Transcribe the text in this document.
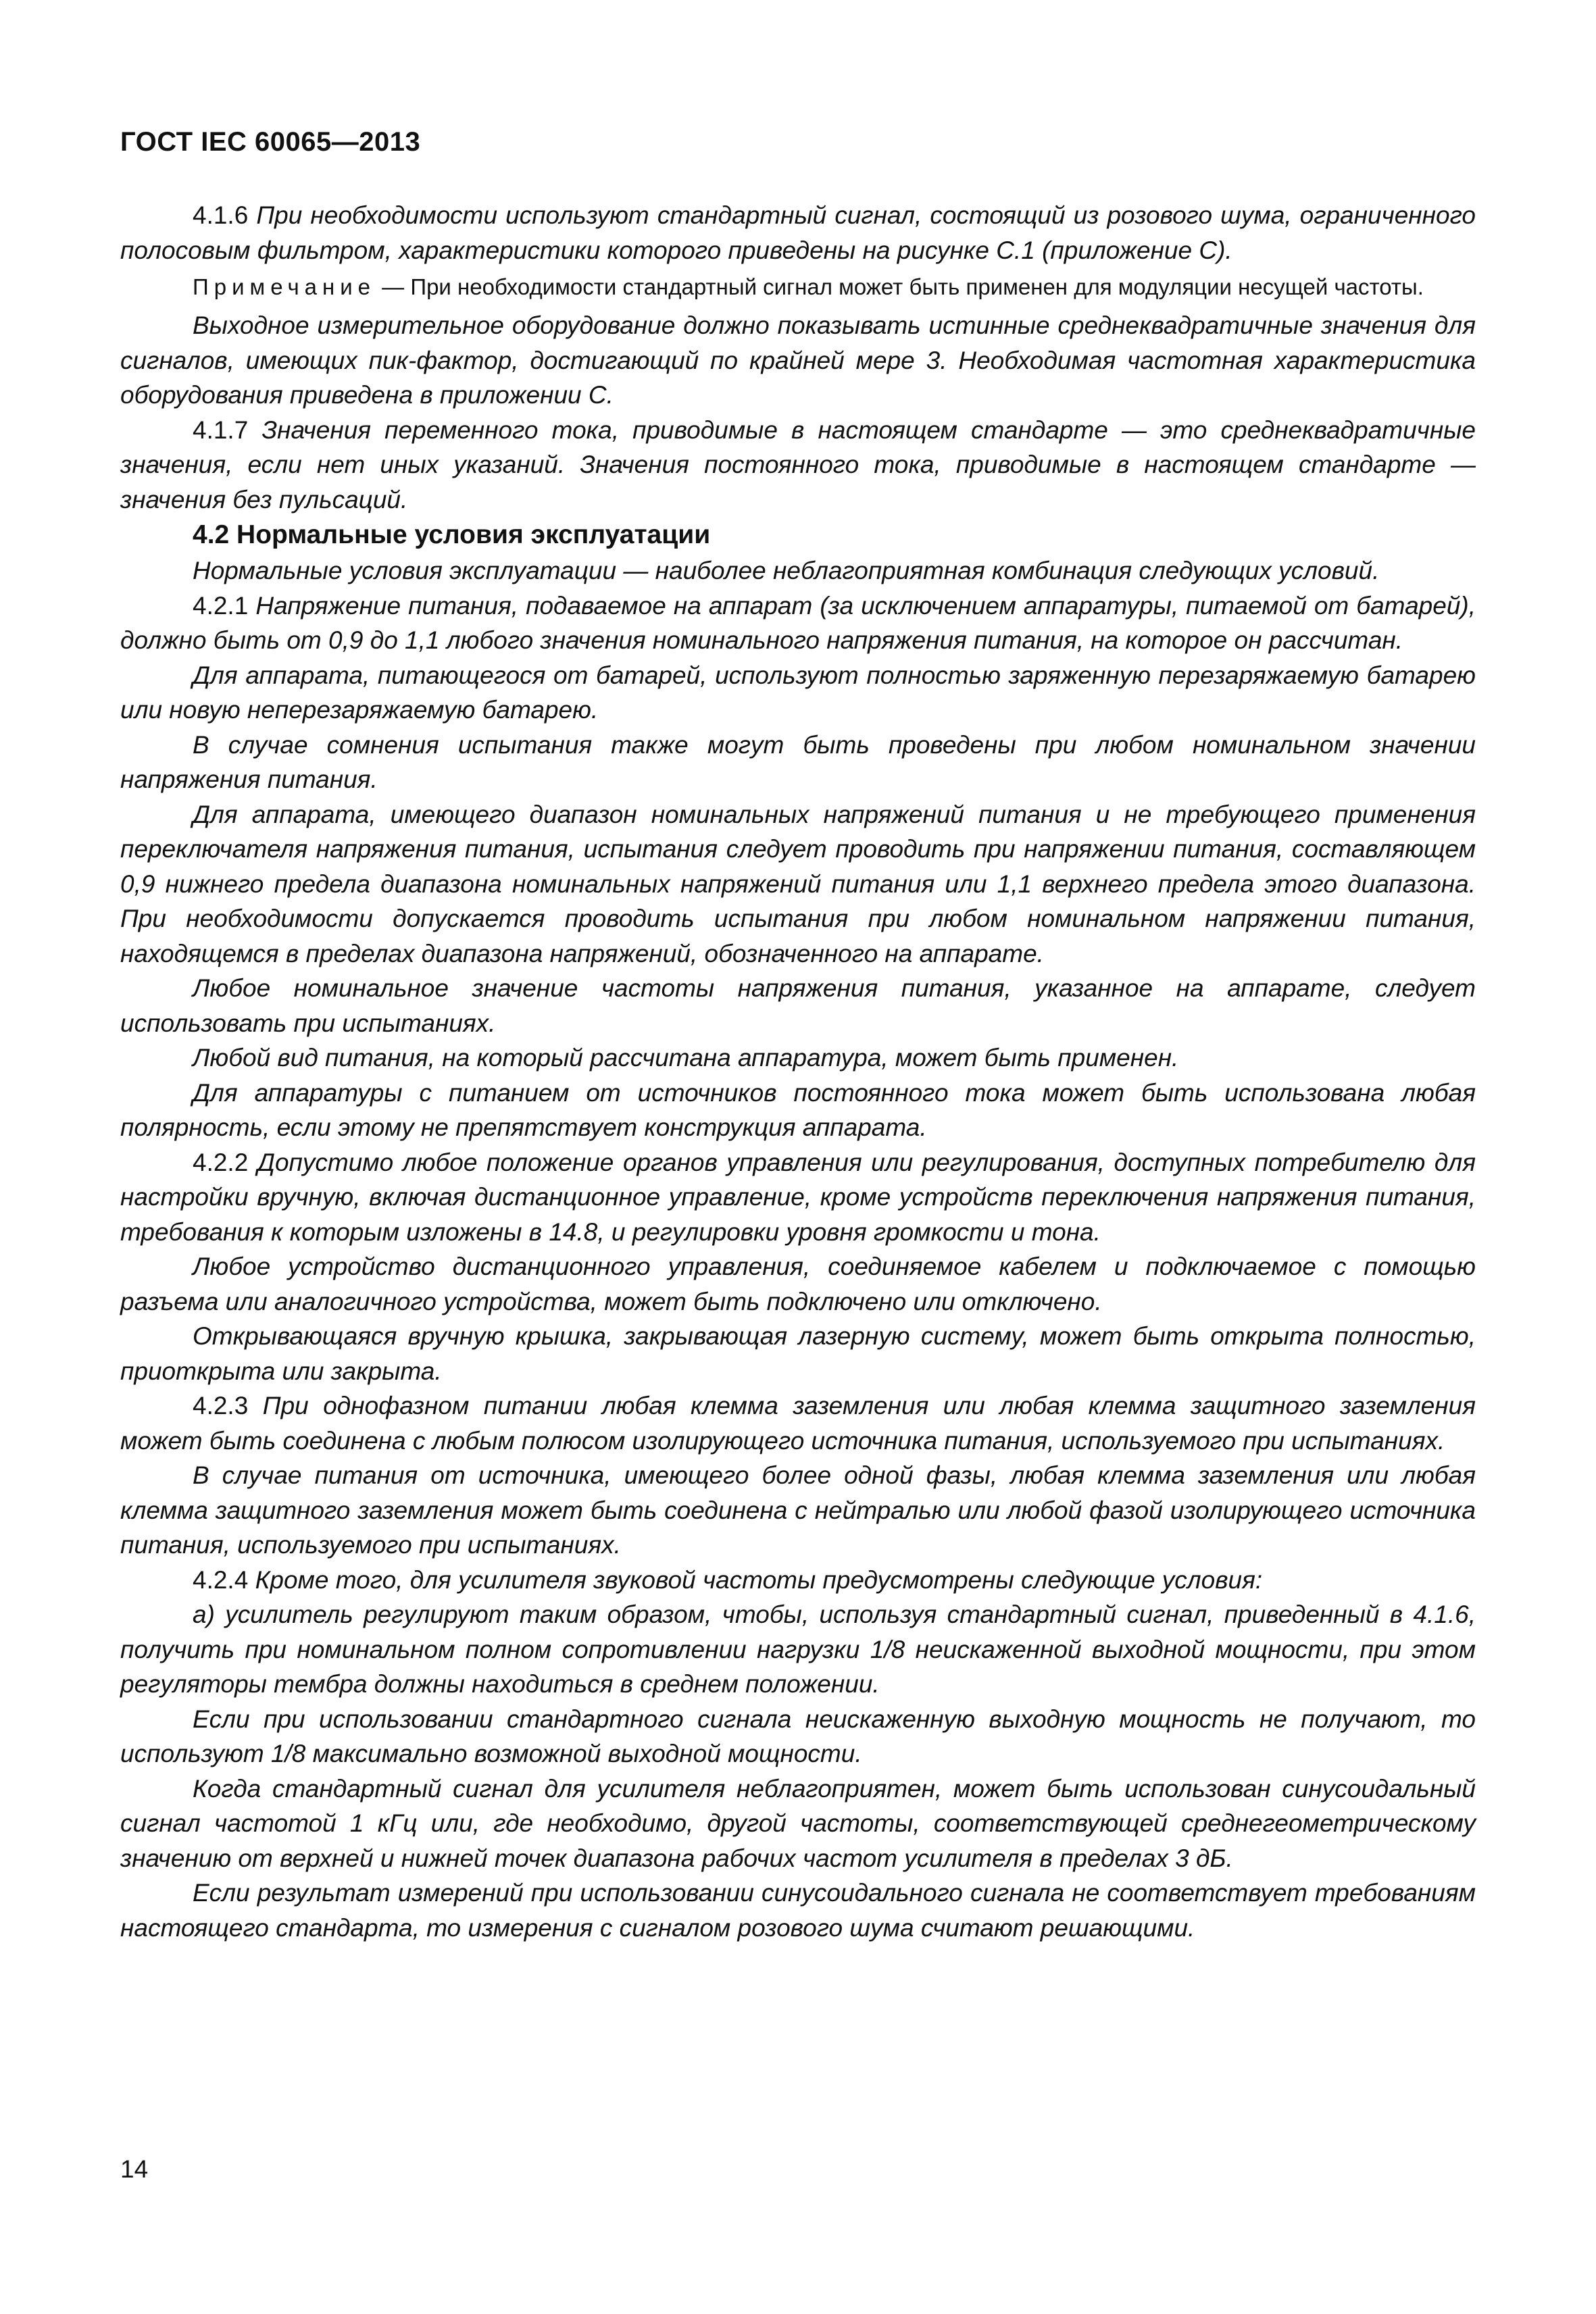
ГОСТ IEC 60065—2013

4.1.6 При необходимости используют стандартный сигнал, состоящий из розового шума, ограниченного полосовым фильтром, характеристики которого приведены на рисунке С.1 (приложение С).

Примечание — При необходимости стандартный сигнал может быть применен для модуляции несущей частоты.

Выходное измерительное оборудование должно показывать истинные среднеквадратичные значения для сигналов, имеющих пик-фактор, достигающий по крайней мере 3. Необходимая частотная характеристика оборудования приведена в приложении С.

4.1.7 Значения переменного тока, приводимые в настоящем стандарте — это среднеквадратичные значения, если нет иных указаний. Значения постоянного тока, приводимые в настоящем стандарте — значения без пульсаций.

4.2 Нормальные условия эксплуатации

Нормальные условия эксплуатации — наиболее неблагоприятная комбинация следующих условий.

4.2.1 Напряжение питания, подаваемое на аппарат (за исключением аппаратуры, питаемой от батарей), должно быть от 0,9 до 1,1 любого значения номинального напряжения питания, на которое он рассчитан.

Для аппарата, питающегося от батарей, используют полностью заряженную перезаряжаемую батарею или новую неперезаряжаемую батарею.

В случае сомнения испытания также могут быть проведены при любом номинальном значении напряжения питания.

Для аппарата, имеющего диапазон номинальных напряжений питания и не требующего применения переключателя напряжения питания, испытания следует проводить при напряжении питания, составляющем 0,9 нижнего предела диапазона номинальных напряжений питания или 1,1 верхнего предела этого диапазона. При необходимости допускается проводить испытания при любом номинальном напряжении питания, находящемся в пределах диапазона напряжений, обозначенного на аппарате.

Любое номинальное значение частоты напряжения питания, указанное на аппарате, следует использовать при испытаниях.

Любой вид питания, на который рассчитана аппаратура, может быть применен.

Для аппаратуры с питанием от источников постоянного тока может быть использована любая полярность, если этому не препятствует конструкция аппарата.

4.2.2 Допустимо любое положение органов управления или регулирования, доступных потребителю для настройки вручную, включая дистанционное управление, кроме устройств переключения напряжения питания, требования к которым изложены в 14.8, и регулировки уровня громкости и тона.

Любое устройство дистанционного управления, соединяемое кабелем и подключаемое с помощью разъема или аналогичного устройства, может быть подключено или отключено.

Открывающаяся вручную крышка, закрывающая лазерную систему, может быть открыта полностью, приоткрыта или закрыта.

4.2.3 При однофазном питании любая клемма заземления или любая клемма защитного заземления может быть соединена с любым полюсом изолирующего источника питания, используемого при испытаниях.

В случае питания от источника, имеющего более одной фазы, любая клемма заземления или любая клемма защитного заземления может быть соединена с нейтралью или любой фазой изолирующего источника питания, используемого при испытаниях.

4.2.4 Кроме того, для усилителя звуковой частоты предусмотрены следующие условия:

а) усилитель регулируют таким образом, чтобы, используя стандартный сигнал, приведенный в 4.1.6, получить при номинальном полном сопротивлении нагрузки 1/8 неискаженной выходной мощности, при этом регуляторы тембра должны находиться в среднем положении.

Если при использовании стандартного сигнала неискаженную выходную мощность не получают, то используют 1/8 максимально возможной выходной мощности.

Когда стандартный сигнал для усилителя неблагоприятен, может быть использован синусоидальный сигнал частотой 1 кГц или, где необходимо, другой частоты, соответствующей среднегеометрическому значению от верхней и нижней точек диапазона рабочих частот усилителя в пределах 3 дБ.

Если результат измерений при использовании синусоидального сигнала не соответствует требованиям настоящего стандарта, то измерения с сигналом розового шума считают решающими.

14
